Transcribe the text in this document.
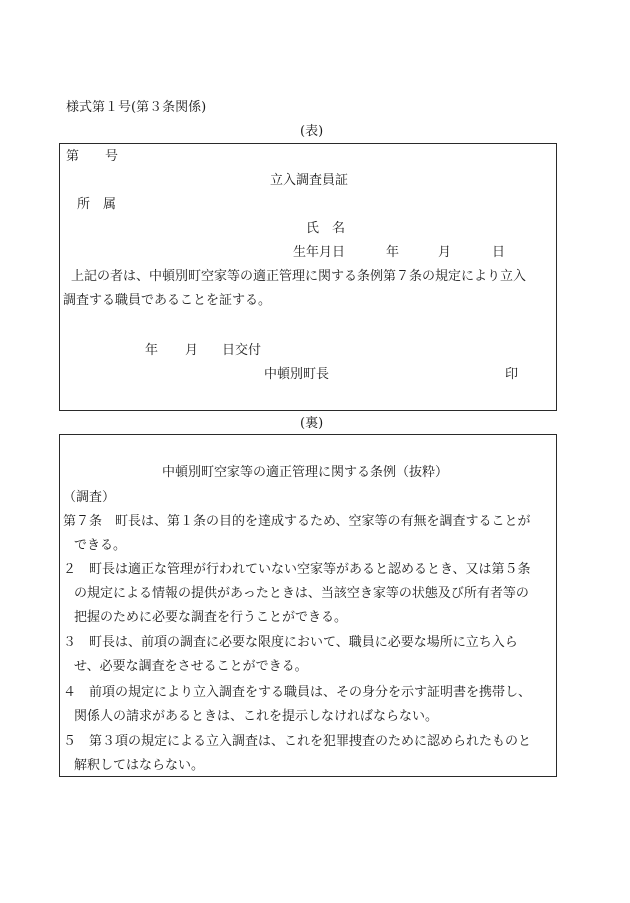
様式第１号(第３条関係)
(表)
第 号
立入調査員証
所　属
氏　名
生年月日	年	月	日
上記の者は、中頓別町空家等の適正管理に関する条例第７条の規定により立入
調査する職員であることを証する。
年 月 日交付
中頓別町長	印
(裏)
中頓別町空家等の適正管理に関する条例（抜粋）
（調査）
第７条　町長は、第１条の目的を達成するため、空家等の有無を調査することが
できる。
２　町長は適正な管理が行われていない空家等があると認めるとき、又は第５条
の規定による情報の提供があったときは、当該空き家等の状態及び所有者等の
把握のために必要な調査を行うことができる。
３　町長は、前項の調査に必要な限度において、職員に必要な場所に立ち入ら
せ、必要な調査をさせることができる。
４　前項の規定により立入調査をする職員は、その身分を示す証明書を携帯し、
関係人の請求があるときは、これを提示しなければならない。
５　第３項の規定による立入調査は、これを犯罪捜査のために認められたものと
解釈してはならない。
